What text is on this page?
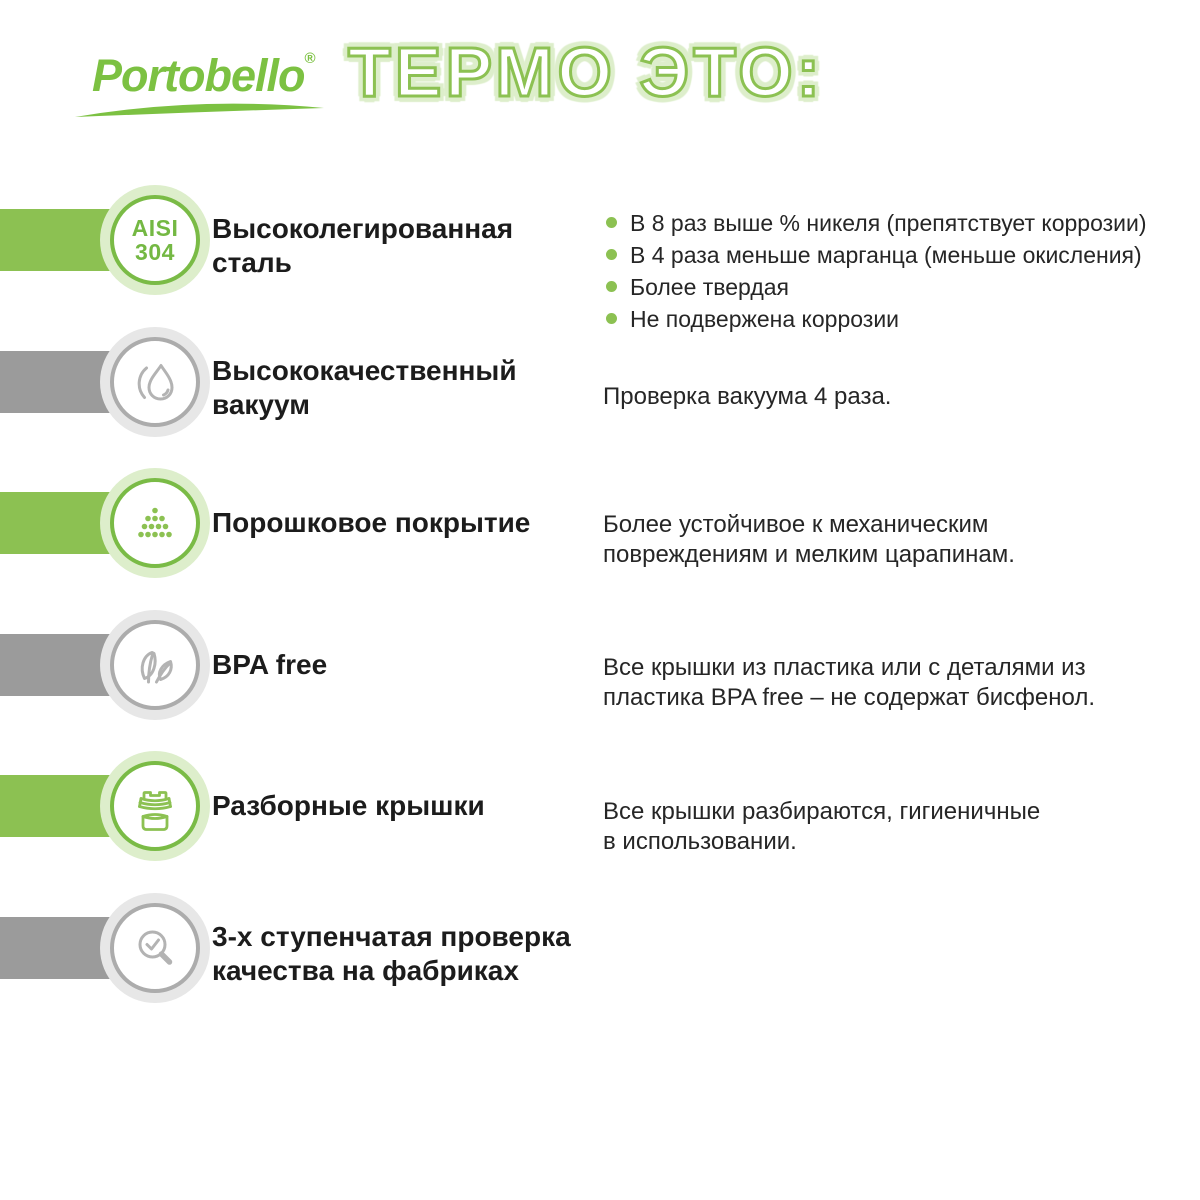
Portobello® ТЕРМО ЭТО:
AISI
304
Высоколегированная
сталь
В 8 раз выше % никеля (препятствует коррозии)
В 4 раза меньше марганца (меньше окисления)
Более твердая
Не подвержена коррозии
Высококачественный
вакуум	Проверка вакуума 4 раза.
Порошковое покрытие	Более устойчивое к механическим
повреждениям и мелким царапинам.
BPA free	Все крышки из пластика или с деталями из
пластика BPA free – не содержат бисфенол.
Разборные крышки	Все крышки разбираются, гигиеничные
в использовании.
3-х ступенчатая проверка
качества на фабриках
